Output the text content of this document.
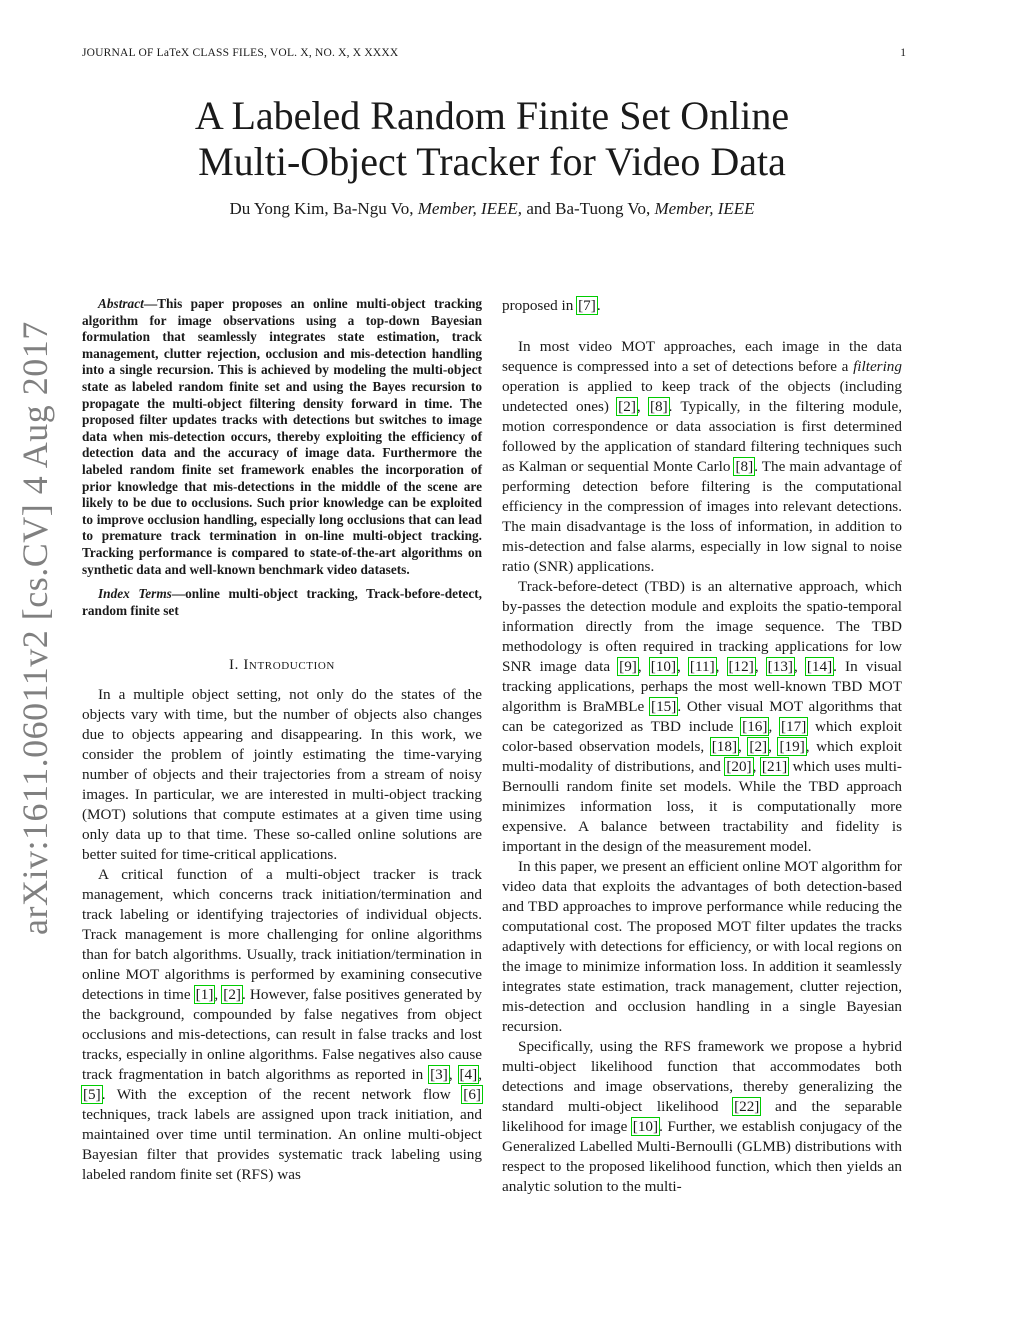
JOURNAL OF LaTeX CLASS FILES, VOL. X, NO. X, X XXXX	1
A Labeled Random Finite Set Online
Multi-Object Tracker for Video Data
Du Yong Kim, Ba-Ngu Vo, Member, IEEE, and Ba-Tuong Vo, Member, IEEE
arXiv:1611.06011v2 [cs.CV] 4 Aug 2017

Abstract—This paper proposes an online multi-object tracking algorithm for image observations using a top-down Bayesian formulation that seamlessly integrates state estimation, track management, clutter rejection, occlusion and mis-detection handling into a single recursion. This is achieved by modeling the multi-object state as labeled random finite set and using the Bayes recursion to propagate the multi-object filtering density forward in time. The proposed filter updates tracks with detections but switches to image data when mis-detection occurs, thereby exploiting the efficiency of detection data and the accuracy of image data. Furthermore the labeled random finite set framework enables the incorporation of prior knowledge that mis-detections in the middle of the scene are likely to be due to occlusions. Such prior knowledge can be exploited to improve occlusion handling, especially long occlusions that can lead to premature track termination in on-line multi-object tracking. Tracking performance is compared to state-of-the-art algorithms on synthetic data and well-known benchmark video datasets.

Index Terms—online multi-object tracking, Track-before-detect, random finite set

I. Introduction

In a multiple object setting, not only do the states of the objects vary with time, but the number of objects also changes due to objects appearing and disappearing. In this work, we consider the problem of jointly estimating the time-varying number of objects and their trajectories from a stream of noisy images. In particular, we are interested in multi-object tracking (MOT) solutions that compute estimates at a given time using only data up to that time. These so-called online solutions are better suited for time-critical applications.

A critical function of a multi-object tracker is track management, which concerns track initiation/termination and track labeling or identifying trajectories of individual objects. Track management is more challenging for online algorithms than for batch algorithms. Usually, track initiation/termination in online MOT algorithms is performed by examining consecutive detections in time [1], [2]. However, false positives generated by the background, compounded by false negatives from object occlusions and mis-detections, can result in false tracks and lost tracks, especially in online algorithms. False negatives also cause track fragmentation in batch algorithms as reported in [3], [4], [5]. With the exception of the recent network flow [6] techniques, track labels are assigned upon track initiation, and maintained over time until termination. An online multi-object Bayesian filter that provides systematic track labeling using labeled random finite set (RFS) was

proposed in [7].

In most video MOT approaches, each image in the data sequence is compressed into a set of detections before a filtering operation is applied to keep track of the objects (including undetected ones) [2], [8]. Typically, in the filtering module, motion correspondence or data association is first determined followed by the application of standard filtering techniques such as Kalman or sequential Monte Carlo [8]. The main advantage of performing detection before filtering is the computational efficiency in the compression of images into relevant detections. The main disadvantage is the loss of information, in addition to mis-detection and false alarms, especially in low signal to noise ratio (SNR) applications.

Track-before-detect (TBD) is an alternative approach, which by-passes the detection module and exploits the spatio-temporal information directly from the image sequence. The TBD methodology is often required in tracking applications for low SNR image data [9], [10], [11], [12], [13], [14]. In visual tracking applications, perhaps the most well-known TBD MOT algorithm is BraMBLe [15]. Other visual MOT algorithms that can be categorized as TBD include [16], [17] which exploit color-based observation models, [18], [2], [19], which exploit multi-modality of distributions, and [20], [21] which uses multi-Bernoulli random finite set models. While the TBD approach minimizes information loss, it is computationally more expensive. A balance between tractability and fidelity is important in the design of the measurement model.

In this paper, we present an efficient online MOT algorithm for video data that exploits the advantages of both detection-based and TBD approaches to improve performance while reducing the computational cost. The proposed MOT filter updates the tracks adaptively with detections for efficiency, or with local regions on the image to minimize information loss. In addition it seamlessly integrates state estimation, track management, clutter rejection, mis-detection and occlusion handling in a single Bayesian recursion.

Specifically, using the RFS framework we propose a hybrid multi-object likelihood function that accommodates both detections and image observations, thereby generalizing the standard multi-object likelihood [22] and the separable likelihood for image [10]. Further, we establish conjugacy of the Generalized Labelled Multi-Bernoulli (GLMB) distributions with respect to the proposed likelihood function, which then yields an analytic solution to the multi-
